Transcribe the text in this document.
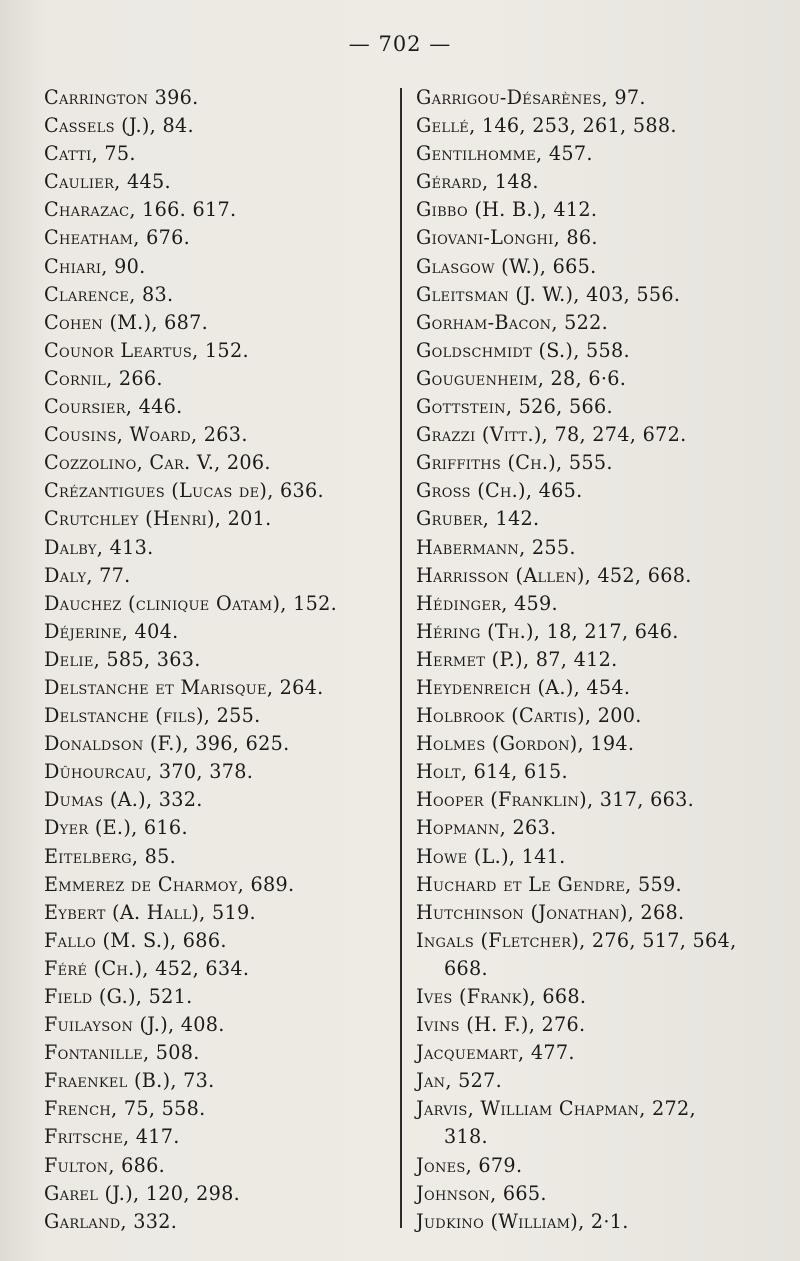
— 702 —
Carrington 396.
Cassels (J.), 84.
Catti, 75.
Caulier, 445.
Charazac, 166. 617.
Cheatham, 676.
Chiari, 90.
Clarence, 83.
Cohen (M.), 687.
Counor Leartus, 152.
Cornil, 266.
Coursier, 446.
Cousins, Woard, 263.
Cozzolino, Car. V., 206.
Crézantigues (Lucas de), 636.
Crutchley (Henri), 201.
Dalby, 413.
Daly, 77.
Dauchez (clinique Oatam), 152.
Déjerine, 404.
Delie, 585, 363.
Delstanche et Marisque, 264.
Delstanche (fils), 255.
Donaldson (F.), 396, 625.
Dûhourcau, 370, 378.
Dumas (A.), 332.
Dyer (E.), 616.
Eitelberg, 85.
Emmerez de Charmoy, 689.
Eybert (A. Hall), 519.
Fallo (M. S.), 686.
Féré (Ch.), 452, 634.
Field (G.), 521.
Fuilayson (J.), 408.
Fontanille, 508.
Fraenkel (B.), 73.
French, 75, 558.
Fritsche, 417.
Fulton, 686.
Garel (J.), 120, 298.
Garland, 332.
Garrigou-Désarènes, 97.
Gellé, 146, 253, 261, 588.
Gentilhomme, 457.
Gérard, 148.
Gibbo (H. B.), 412.
Giovani-Longhi, 86.
Glasgow (W.), 665.
Gleitsman (J. W.), 403, 556.
Gorham-Bacon, 522.
Goldschmidt (S.), 558.
Gouguenheim, 28, 6·6.
Gottstein, 526, 566.
Grazzi (Vitt.), 78, 274, 672.
Griffiths (Ch.), 555.
Gross (Ch.), 465.
Gruber, 142.
Habermann, 255.
Harrisson (Allen), 452, 668.
Hédinger, 459.
Héring (Th.), 18, 217, 646.
Hermet (P.), 87, 412.
Heydenreich (A.), 454.
Holbrook (Cartis), 200.
Holmes (Gordon), 194.
Holt, 614, 615.
Hooper (Franklin), 317, 663.
Hopmann, 263.
Howe (L.), 141.
Huchard et Le Gendre, 559.
Hutchinson (Jonathan), 268.
Ingals (Fletcher), 276, 517, 564,
668.
Ives (Frank), 668.
Ivins (H. F.), 276.
Jacquemart, 477.
Jan, 527.
Jarvis, William Chapman, 272,
318.
Jones, 679.
Johnson, 665.
Judkino (William), 2·1.
